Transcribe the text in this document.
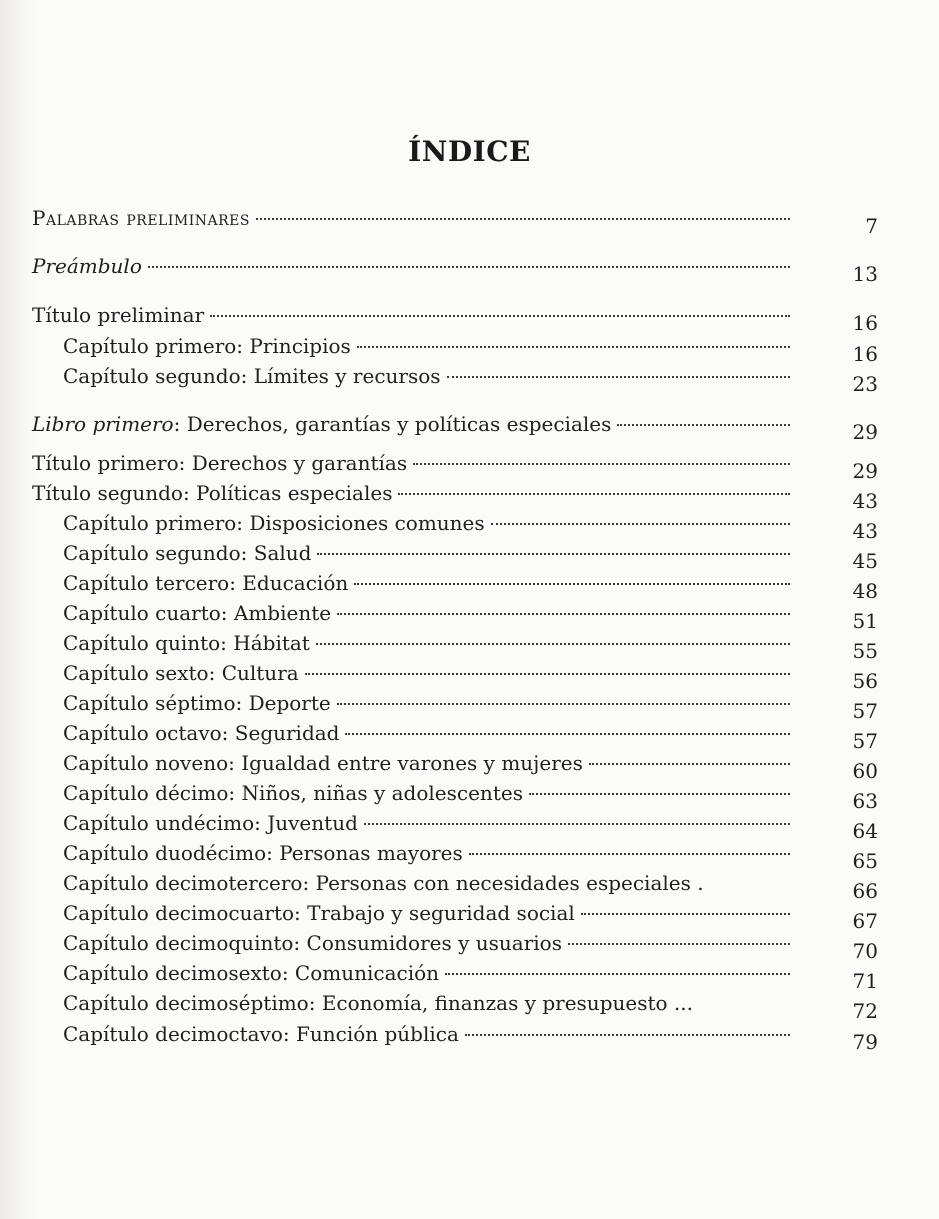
ÍNDICE
Palabras preliminares	7
Preámbulo	13
Título preliminar	16
Capítulo primero: Principios	16
Capítulo segundo: Límites y recursos	23
Libro primero: Derechos, garantías y políticas especiales	29
Título primero: Derechos y garantías	29
Título segundo: Políticas especiales	43
Capítulo primero: Disposiciones comunes	43
Capítulo segundo: Salud	45
Capítulo tercero: Educación	48
Capítulo cuarto: Ambiente	51
Capítulo quinto: Hábitat	55
Capítulo sexto: Cultura	56
Capítulo séptimo: Deporte	57
Capítulo octavo: Seguridad	57
Capítulo noveno: Igualdad entre varones y mujeres	60
Capítulo décimo: Niños, niñas y adolescentes	63
Capítulo undécimo: Juventud	64
Capítulo duodécimo: Personas mayores	65
Capítulo decimotercero: Personas con necesidades especiales .	66
Capítulo decimocuarto: Trabajo y seguridad social	67
Capítulo decimoquinto: Consumidores y usuarios	70
Capítulo decimosexto: Comunicación	71
Capítulo decimoséptimo: Economía, finanzas y presupuesto ...	72
Capítulo decimoctavo: Función pública	79
